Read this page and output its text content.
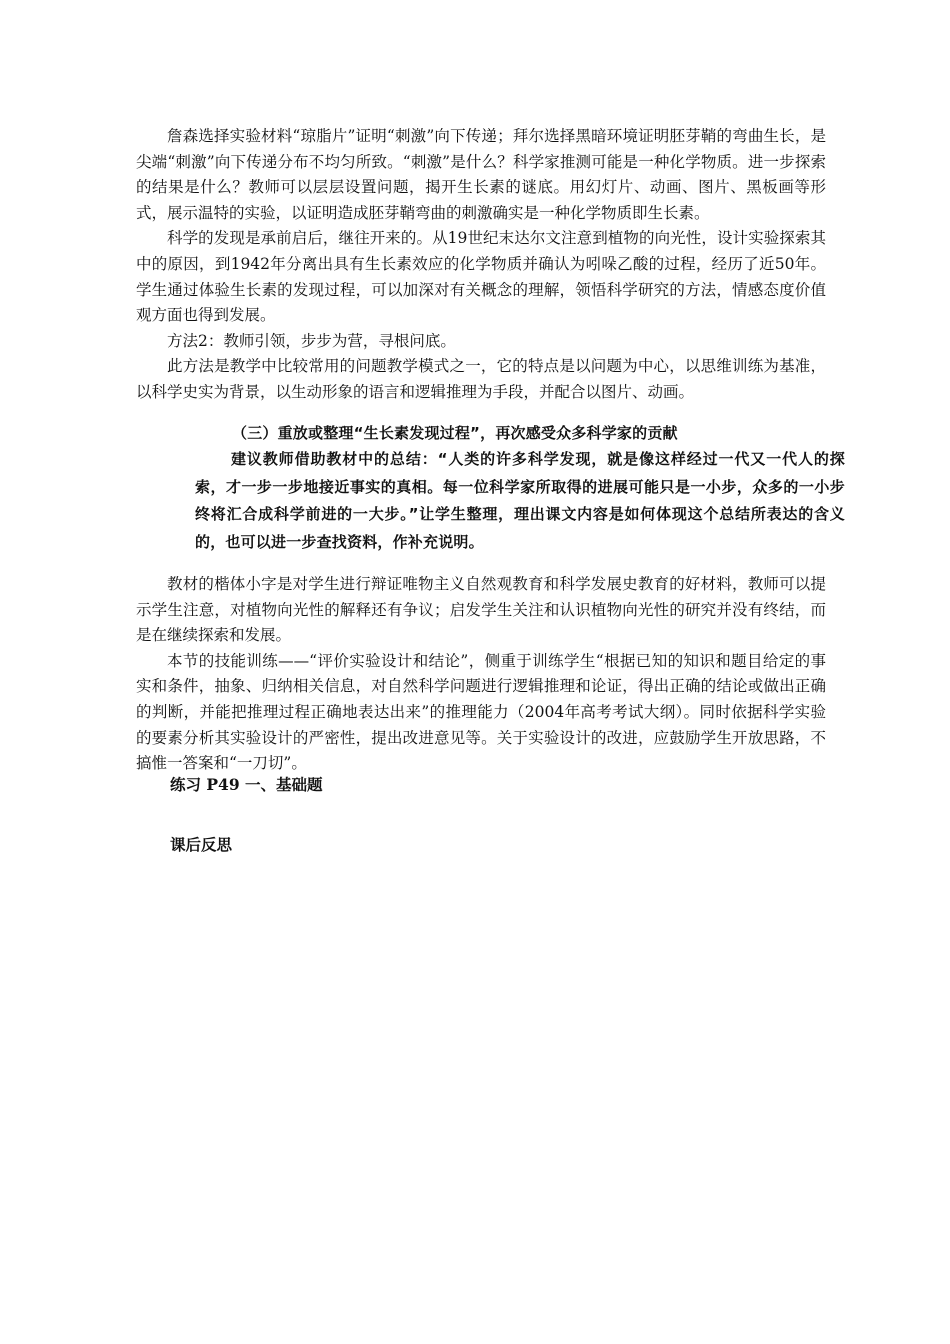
詹森选择实验材料“琼脂片”证明“刺激”向下传递；拜尔选择黑暗环境证明胚芽鞘的弯曲生长，是尖端“刺激”向下传递分布不均匀所致。“刺激”是什么？科学家推测可能是一种化学物质。进一步探索的结果是什么？教师可以层层设置问题，揭开生长素的谜底。用幻灯片、动画、图片、黑板画等形式，展示温特的实验，以证明造成胚芽鞘弯曲的刺激确实是一种化学物质即生长素。

科学的发现是承前启后，继往开来的。从19世纪末达尔文注意到植物的向光性，设计实验探索其中的原因，到1942年分离出具有生长素效应的化学物质并确认为吲哚乙酸的过程，经历了近50年。学生通过体验生长素的发现过程，可以加深对有关概念的理解，领悟科学研究的方法，情感态度价值观方面也得到发展。

方法2：教师引领，步步为营，寻根问底。

此方法是教学中比较常用的问题教学模式之一，它的特点是以问题为中心，以思维训练为基准，以科学史实为背景，以生动形象的语言和逻辑推理为手段，并配合以图片、动画。

（三）重放或整理“生长素发现过程”，再次感受众多科学家的贡献

建议教师借助教材中的总结：“人类的许多科学发现，就是像这样经过一代又一代人的探索，才一步一步地接近事实的真相。每一位科学家所取得的进展可能只是一小步，众多的一小步终将汇合成科学前进的一大步。”让学生整理，理出课文内容是如何体现这个总结所表达的含义的，也可以进一步查找资料，作补充说明。

教材的楷体小字是对学生进行辩证唯物主义自然观教育和科学发展史教育的好材料，教师可以提示学生注意，对植物向光性的解释还有争议；启发学生关注和认识植物向光性的研究并没有终结，而是在继续探索和发展。

本节的技能训练——“评价实验设计和结论”，侧重于训练学生“根据已知的知识和题目给定的事实和条件，抽象、归纳相关信息，对自然科学问题进行逻辑推理和论证，得出正确的结论或做出正确的判断，并能把推理过程正确地表达出来”的推理能力（2004年高考考试大纲）。同时依据科学实验的要素分析其实验设计的严密性，提出改进意见等。关于实验设计的改进，应鼓励学生开放思路，不搞惟一答案和“一刀切”。

练习 P49 一、基础题
课后反思
